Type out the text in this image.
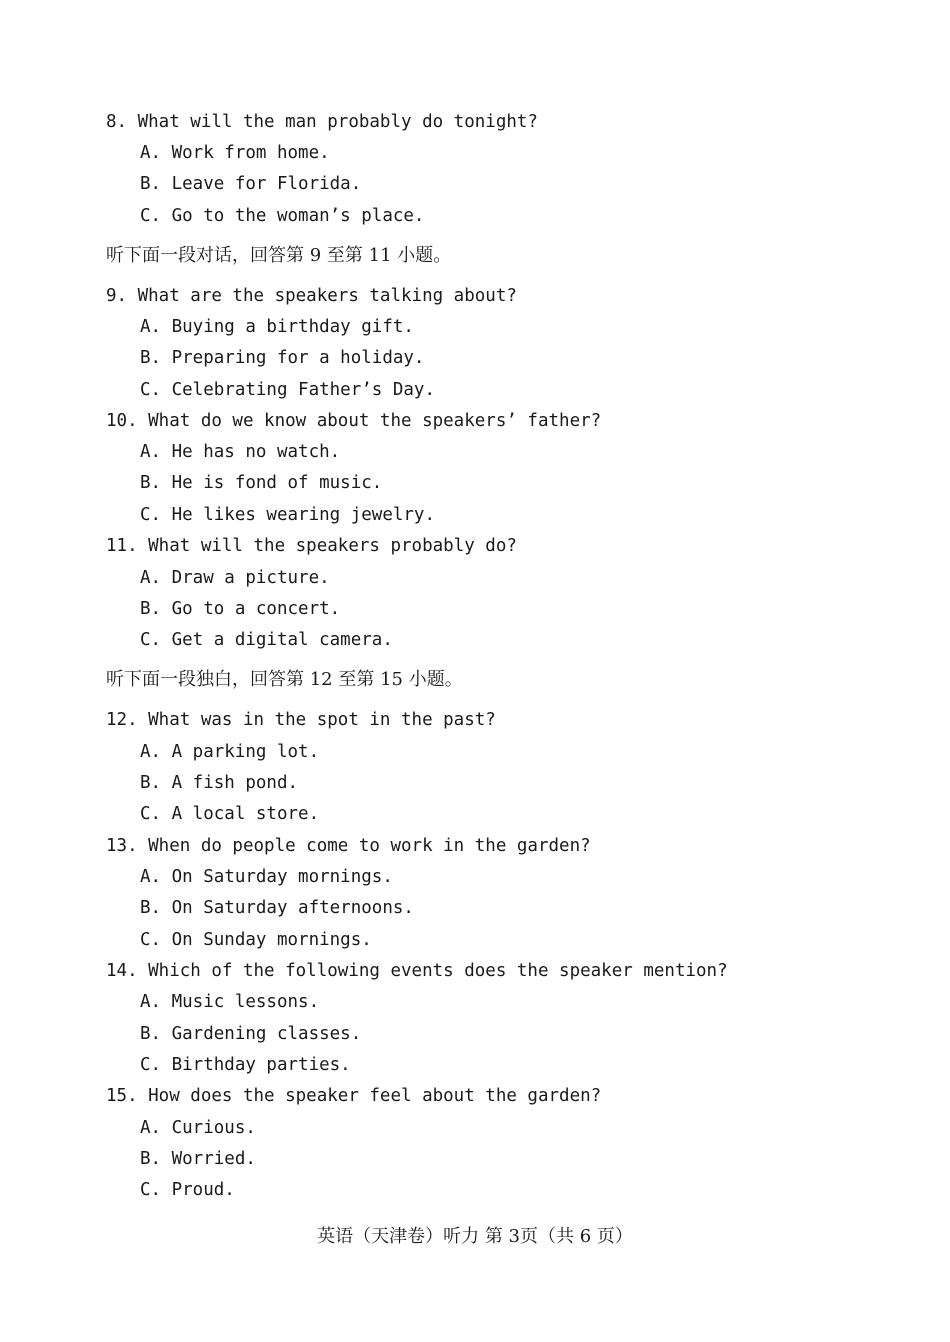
8. What will the man probably do tonight?
A. Work from home.
B. Leave for Florida.
C. Go to the woman’s place.
听下面一段对话，回答第 9 至第 11 小题。
9. What are the speakers talking about?
A. Buying a birthday gift.
B. Preparing for a holiday.
C. Celebrating Father’s Day.
10. What do we know about the speakers’ father?
A. He has no watch.
B. He is fond of music.
C. He likes wearing jewelry.
11. What will the speakers probably do?
A. Draw a picture.
B. Go to a concert.
C. Get a digital camera.
听下面一段独白，回答第 12 至第 15 小题。
12. What was in the spot in the past?
A. A parking lot.
B. A fish pond.
C. A local store.
13. When do people come to work in the garden?
A. On Saturday mornings.
B. On Saturday afternoons.
C. On Sunday mornings.
14. Which of the following events does the speaker mention?
A. Music lessons.
B. Gardening classes.
C. Birthday parties.
15. How does the speaker feel about the garden?
A. Curious.
B. Worried.
C. Proud.
英语（天津卷）听力 第 3页（共 6 页）
